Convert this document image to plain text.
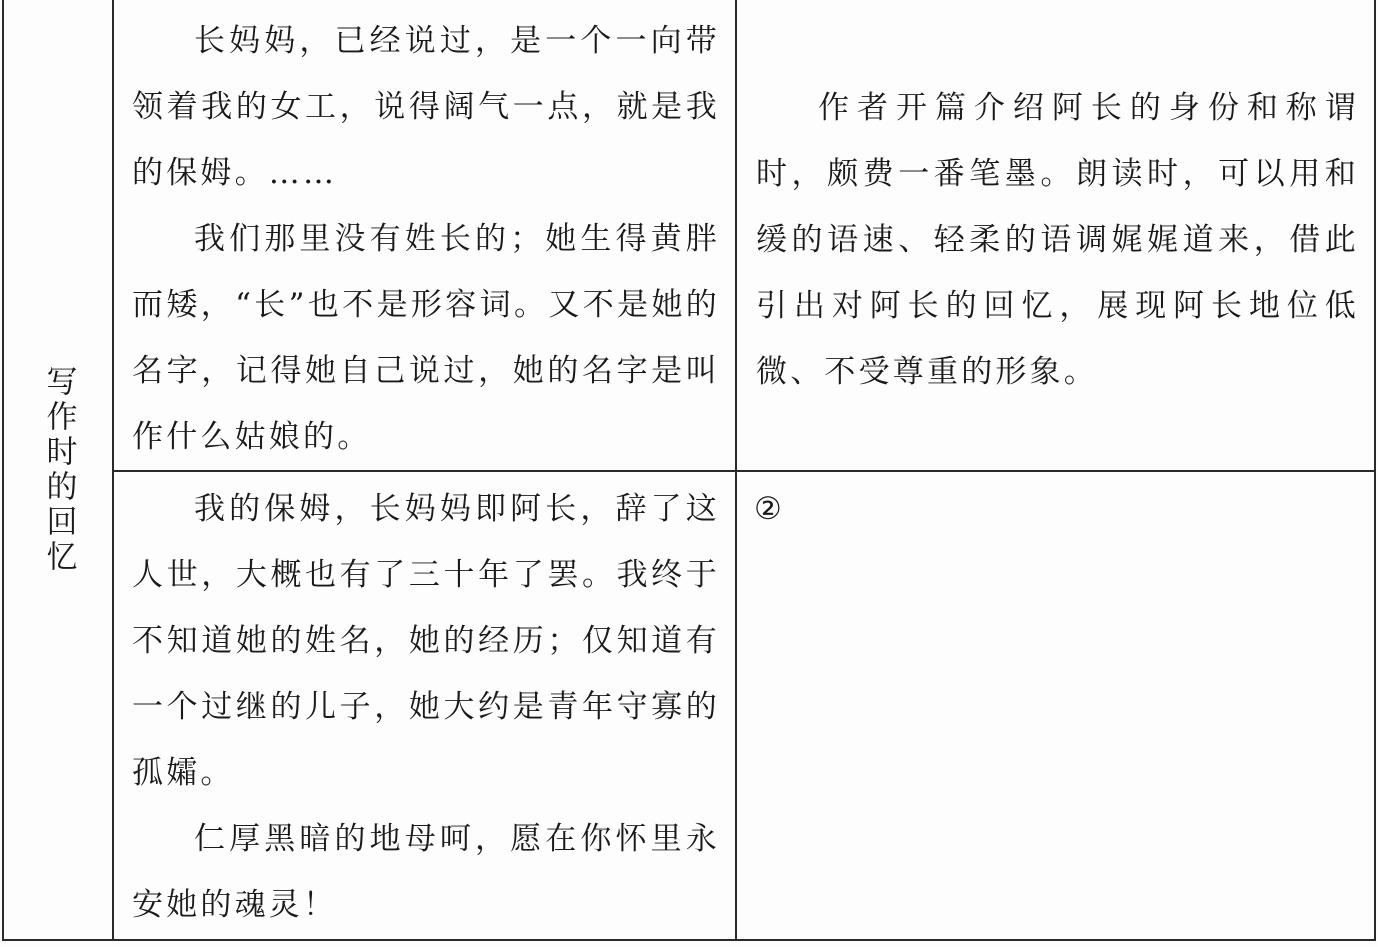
写作时的回忆

长妈妈，已经说过，是一个一向带领着我的女工，说得阔气一点，就是我的保姆。……

我们那里没有姓长的；她生得黄胖而矮，“长”也不是形容词。又不是她的名字，记得她自己说过，她的名字是叫作什么姑娘的。

作者开篇介绍阿长的身份和称谓时，颇费一番笔墨。朗读时，可以用和缓的语速、轻柔的语调娓娓道来，借此引出对阿长的回忆，展现阿长地位低微、不受尊重的形象。

我的保姆，长妈妈即阿长，辞了这人世，大概也有了三十年了罢。我终于不知道她的姓名，她的经历；仅知道有一个过继的儿子，她大约是青年守寡的孤孀。

仁厚黑暗的地母呵，愿在你怀里永安她的魂灵！

②
